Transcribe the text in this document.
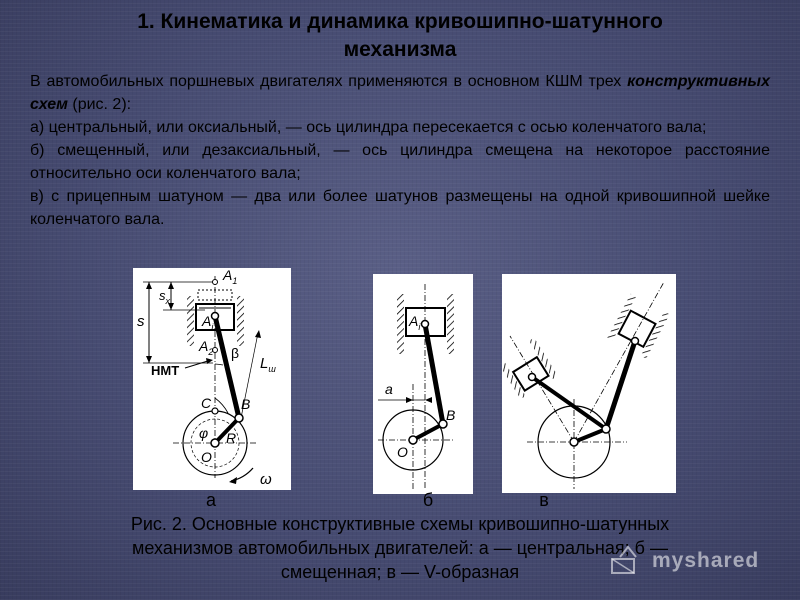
1. Кинематика и динамика кривошипно-шатунного
механизма

В автомобильных поршневых двигателях применяются в основном КШМ трех конструктивных схем (рис. 2):

а) центральный, или оксиальный, — ось цилиндра пересекается с осью коленчатого вала;

б) смещенный, или дезаксиальный, — ось цилиндра смещена на некоторое расстояние относительно оси коленчатого вала;

в) с прицепным шатуном — два или более шатунов размещены на одной кривошипной шейке коленчатого вала.

$A_1$
$A_i$
$A_2$
s
$s_x$
β
НМТ	$L_ш$
C B
φ R
O
ω
$A_i$
a
B
O
а	б	в
Рис. 2. Основные конструктивные схемы кривошипно-шатунных
механизмов автомобильных двигателей: а — центральная; б —
смещенная; в — V-образная	myshared
